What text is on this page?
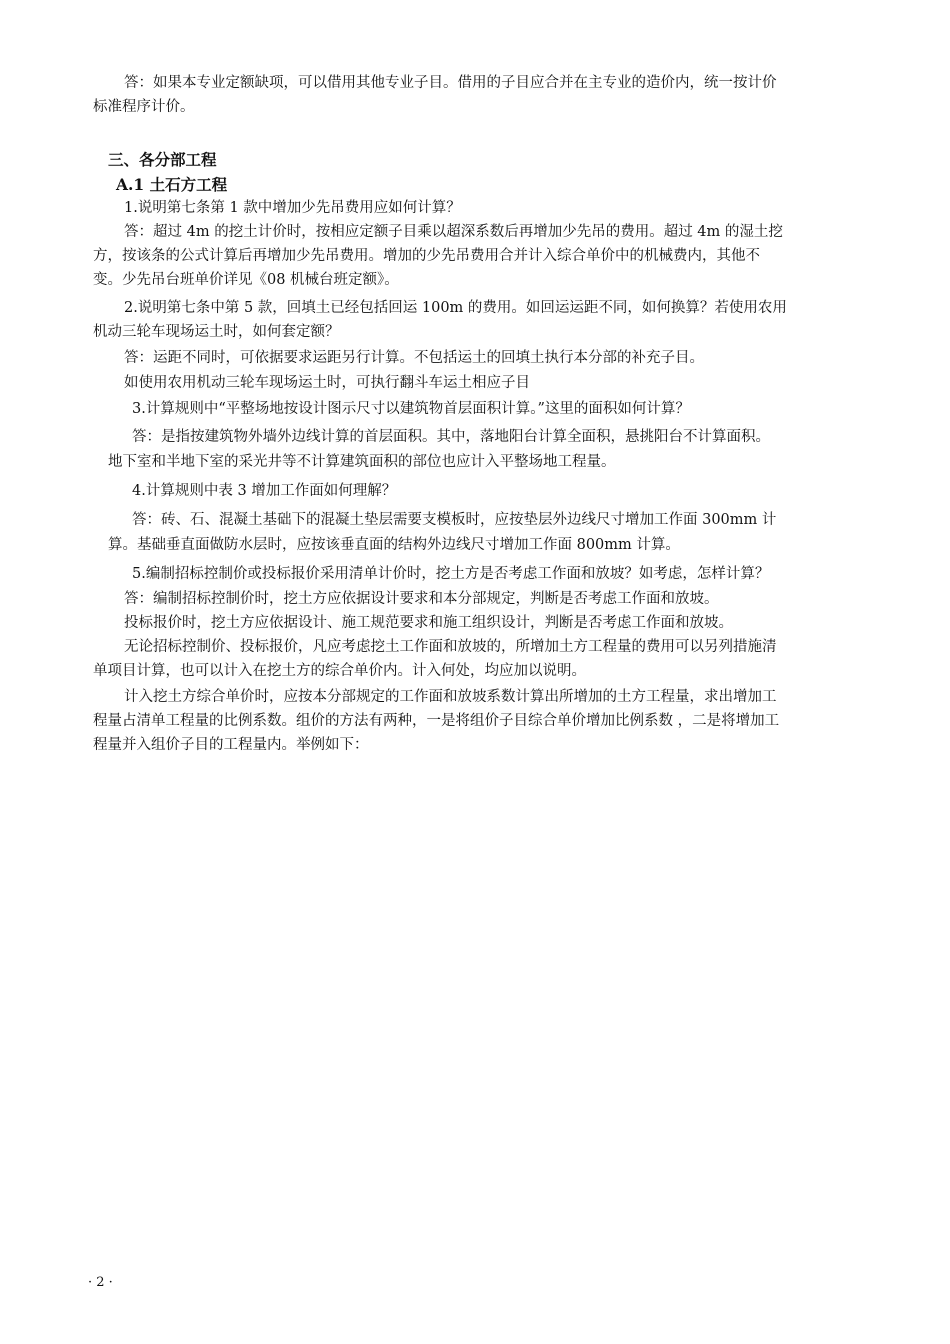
答：如果本专业定额缺项，可以借用其他专业子目。借用的子目应合并在主专业的造价内，统一按计价

标准程序计价。

三、各分部工程
A.1 土石方工程

1.说明第七条第 1 款中增加少先吊费用应如何计算？

答：超过 4m 的挖土计价时，按相应定额子目乘以超深系数后再增加少先吊的费用。超过 4m 的湿土挖

方，按该条的公式计算后再增加少先吊费用。增加的少先吊费用合并计入综合单价中的机械费内，其他不

变。少先吊台班单价详见《08 机械台班定额》。

2.说明第七条中第 5 款，回填土已经包括回运 100m 的费用。如回运运距不同，如何换算？若使用农用

机动三轮车现场运土时，如何套定额？

答：运距不同时，可依据要求运距另行计算。不包括运土的回填土执行本分部的补充子目。

如使用农用机动三轮车现场运土时，可执行翻斗车运土相应子目

3.计算规则中“平整场地按设计图示尺寸以建筑物首层面积计算。”这里的面积如何计算？

答：是指按建筑物外墙外边线计算的首层面积。其中，落地阳台计算全面积，悬挑阳台不计算面积。

地下室和半地下室的采光井等不计算建筑面积的部位也应计入平整场地工程量。

4.计算规则中表 3 增加工作面如何理解？

答：砖、石、混凝土基础下的混凝土垫层需要支模板时，应按垫层外边线尺寸增加工作面 300mm 计

算。基础垂直面做防水层时，应按该垂直面的结构外边线尺寸增加工作面 800mm 计算。

5.编制招标控制价或投标报价采用清单计价时，挖土方是否考虑工作面和放坡？如考虑，怎样计算？

答：编制招标控制价时，挖土方应依据设计要求和本分部规定，判断是否考虑工作面和放坡。

投标报价时，挖土方应依据设计、施工规范要求和施工组织设计，判断是否考虑工作面和放坡。

无论招标控制价、投标报价，凡应考虑挖土工作面和放坡的，所增加土方工程量的费用可以另列措施清

单项目计算，也可以计入在挖土方的综合单价内。计入何处，均应加以说明。

计入挖土方综合单价时，应按本分部规定的工作面和放坡系数计算出所增加的土方工程量，求出增加工

程量占清单工程量的比例系数。组价的方法有两种，一是将组价子目综合单价增加比例系数 ，二是将增加工

程量并入组价子目的工程量内。举例如下：

· 2 ·
